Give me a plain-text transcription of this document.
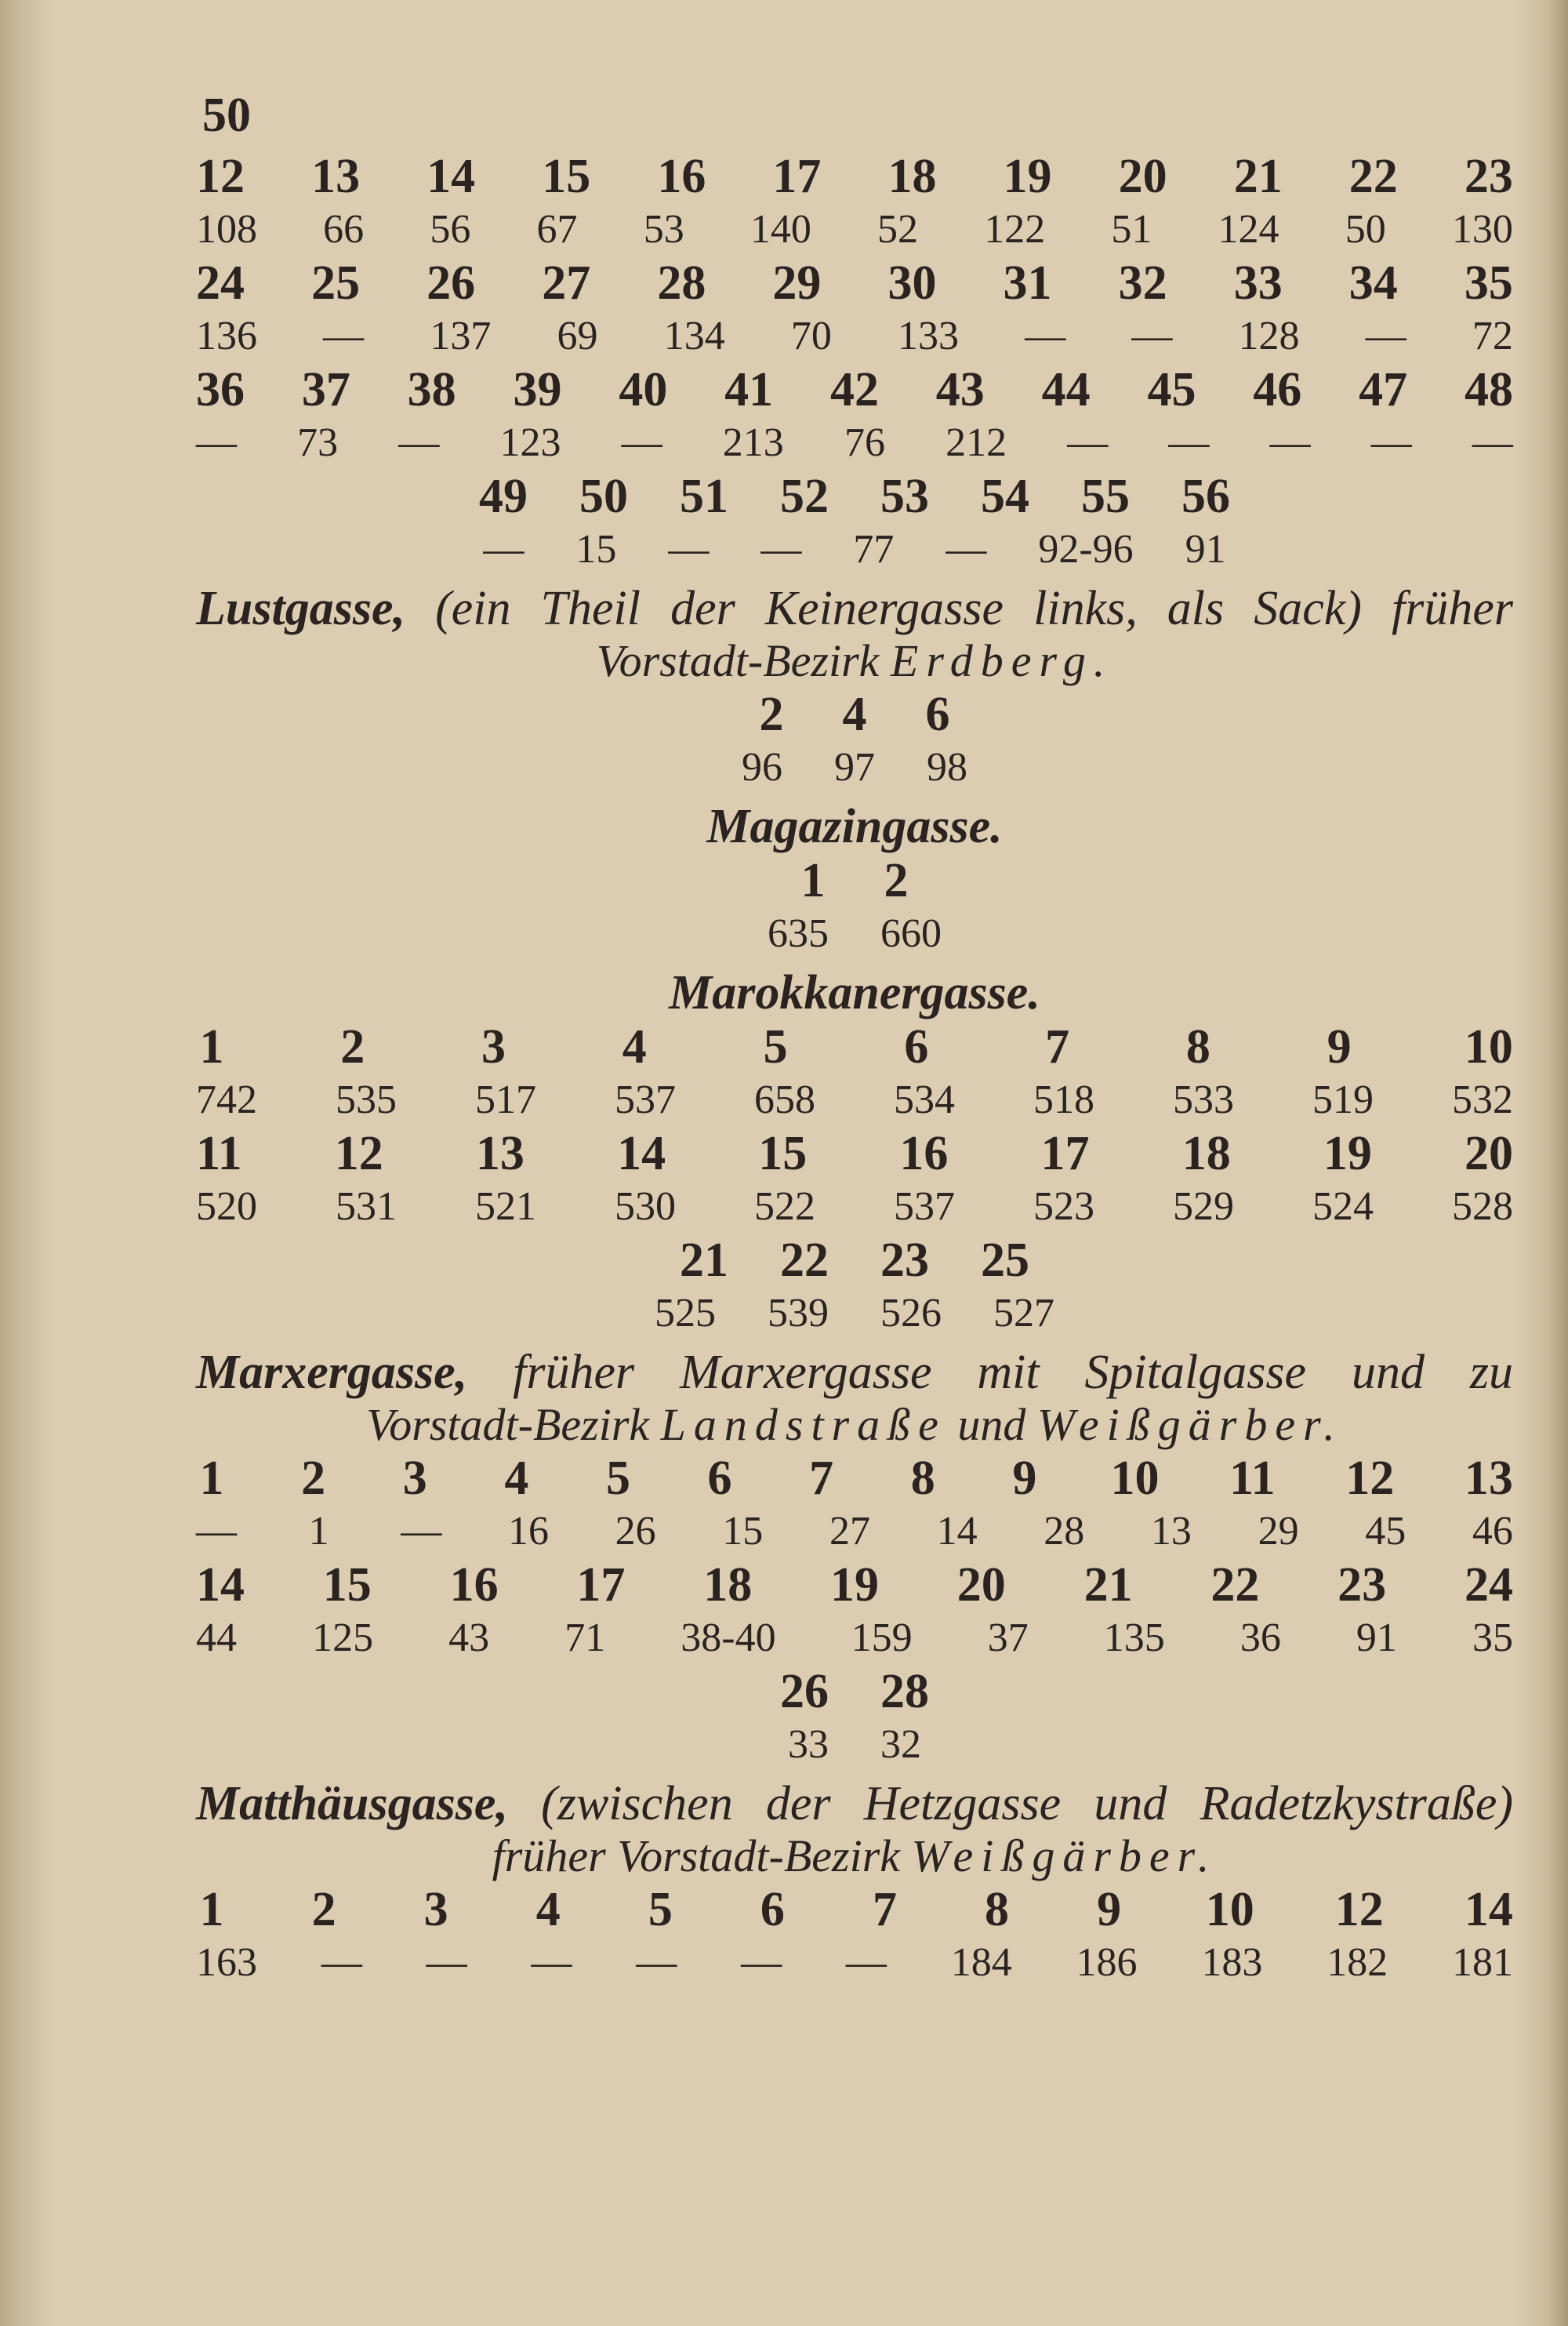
50
12 13 14 15 16 17 18 19 20 21 22 23
108 66 56 67 53 140 52 122 51 124 50 130
24 25 26 27 28 29 30 31 32 33 34 35
136 — 137 69 134 70 133 — — 128 — 72
36 37 38 39 40 41 42 43 44 45 46 47 48
— 73 — 123 — 213 76 212 — — — — —
49 50 51 52 53 54 55 56
— 15 — — 77 — 92-96 91
Lustgasse, (ein Theil der Keinergasse links, als Sack) früher
Vorstadt-Bezirk Erdberg.
2 4 6
96 97 98
Magazingasse.
1 2
635 660
Marokkanergasse.
1 2 3 4 5 6 7 8 9 10
742 535 517 537 658 534 518 533 519 532
11 12 13 14 15 16 17 18 19 20
520 531 521 530 522 537 523 529 524 528
21 22 23 25
525 539 526 527
Marxergasse, früher Marxergasse mit Spitalgasse und zu
Vorstadt-Bezirk Landstraße und Weißgärber.
1 2 3 4 5 6 7 8 9 10 11 12 13
— 1 — 16 26 15 27 14 28 13 29 45 46
14 15 16 17 18 19 20 21 22 23 24
44 125 43 71 38-40 159 37 135 36 91 35
26 28
33 32
Matthäusgasse, (zwischen der Hetzgasse und Radetzkystraße)
früher Vorstadt-Bezirk Weißgärber.
1 2 3 4 5 6 7 8 9 10 12 14
163 — — — — — — 184 186 183 182 181
